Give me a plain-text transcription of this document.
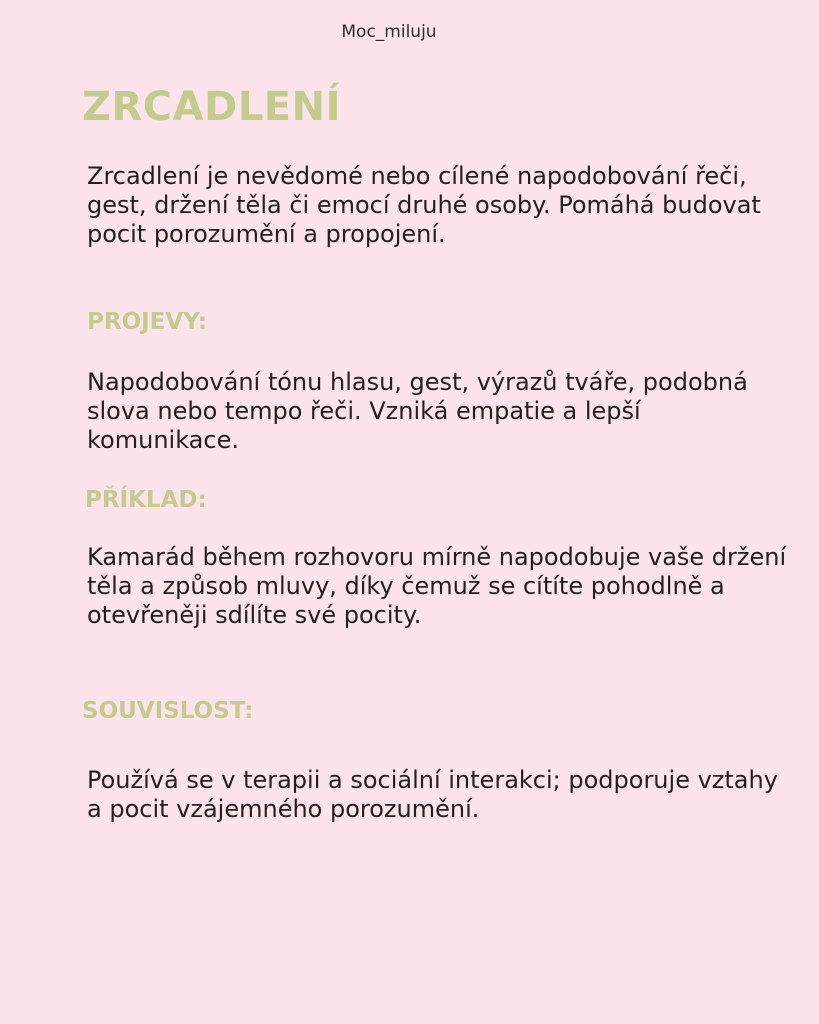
Moc_miluju
ZRCADLENÍ

Zrcadlení je nevědomé nebo cílené napodobování řeči, gest, držení těla či emocí druhé osoby. Pomáhá budovat pocit porozumění a propojení.

PROJEVY:

Napodobování tónu hlasu, gest, výrazů tváře, podobná slova nebo tempo řeči. Vzniká empatie a lepší komunikace.

PŘÍKLAD:

Kamarád během rozhovoru mírně napodobuje vaše držení těla a způsob mluvy, díky čemuž se cítíte pohodlně a otevřeněji sdílíte své pocity.

SOUVISLOST:

Používá se v terapii a sociální interakci; podporuje vztahy a pocit vzájemného porozumění.
